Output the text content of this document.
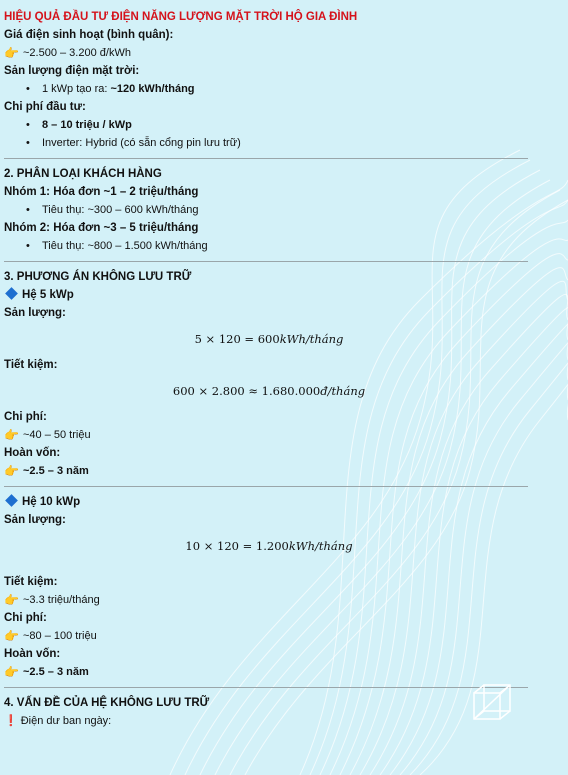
HIỆU QUẢ ĐẦU TƯ ĐIỆN NĂNG LƯỢNG MẶT TRỜI HỘ GIA ĐÌNH
Giá điện sinh hoạt (bình quân):
👉 ~2.500 – 3.200 đ/kWh
Sản lượng điện mặt trời:
• 1 kWp tạo ra: ~120 kWh/tháng
Chi phí đầu tư:
• 8 – 10 triệu / kWp
• Inverter: Hybrid (có sẵn cổng pin lưu trữ)
2. PHÂN LOẠI KHÁCH HÀNG
Nhóm 1: Hóa đơn ~1 – 2 triệu/tháng
• Tiêu thụ: ~300 – 600 kWh/tháng
Nhóm 2: Hóa đơn ~3 – 5 triệu/tháng
• Tiêu thụ: ~800 – 1.500 kWh/tháng
3. PHƯƠNG ÁN KHÔNG LƯU TRỮ
Hệ 5 kWp
Sản lượng:
5 × 120 = 600kWh/tháng
Tiết kiệm:
600 × 2.800 ≈ 1.680.000đ/tháng
Chi phí:
👉 ~40 – 50 triệu
Hoàn vốn:
👉 ~2.5 – 3 năm
Hệ 10 kWp
Sản lượng:
10 × 120 = 1.200kWh/tháng
Tiết kiệm:
👉 ~3.3 triệu/tháng
Chi phí:
👉 ~80 – 100 triệu
Hoàn vốn:
👉 ~2.5 – 3 năm
4. VẤN ĐỀ CỦA HỆ KHÔNG LƯU TRỮ
❗ Điện dư ban ngày:
